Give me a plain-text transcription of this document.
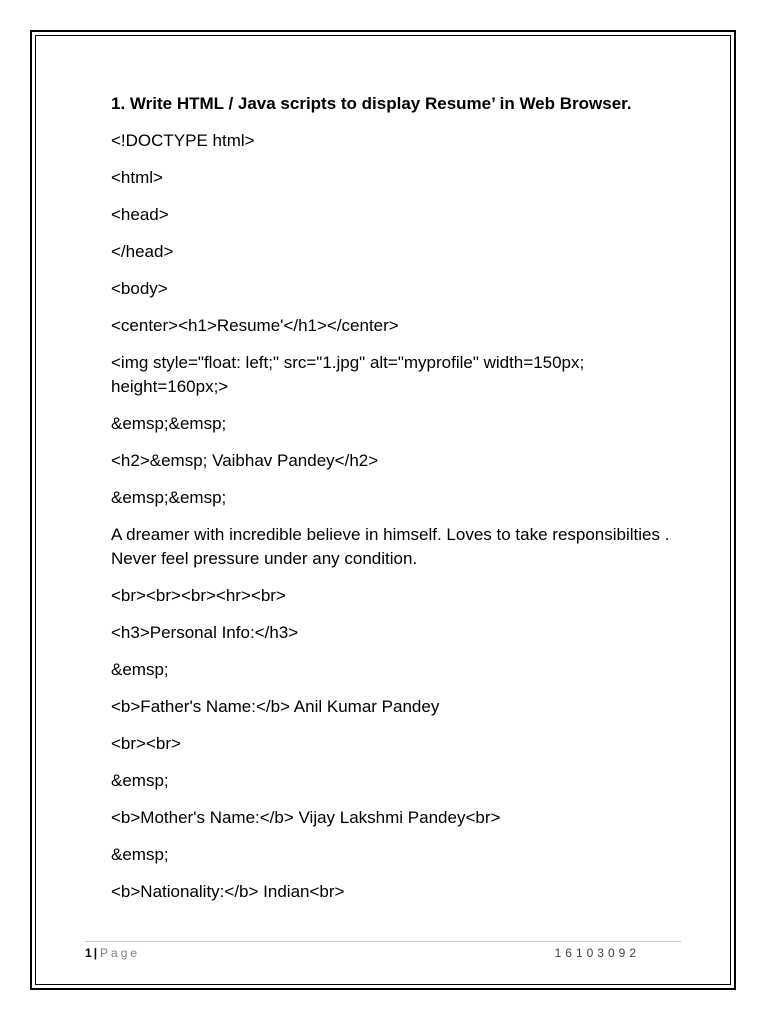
1. Write HTML / Java scripts to display Resume’ in Web Browser.
<!DOCTYPE html>
<html>
<head>
</head>
<body>
<center><h1>Resume'</h1></center>
<img style="float: left;" src="1.jpg" alt="myprofile" width=150px; height=160px;>
&emsp;&emsp;
<h2>&emsp; Vaibhav Pandey</h2>
&emsp;&emsp;
A dreamer with incredible believe in himself. Loves to take responsibilties . Never feel pressure under any condition.
<br><br><br><hr><br>
<h3>Personal Info:</h3>
&emsp;
<b>Father's Name:</b> Anil Kumar Pandey
<br><br>
&emsp;
<b>Mother's Name:</b> Vijay Lakshmi Pandey<br>
&emsp;
<b>Nationality:</b> Indian<br>
1 | Page	16103092
